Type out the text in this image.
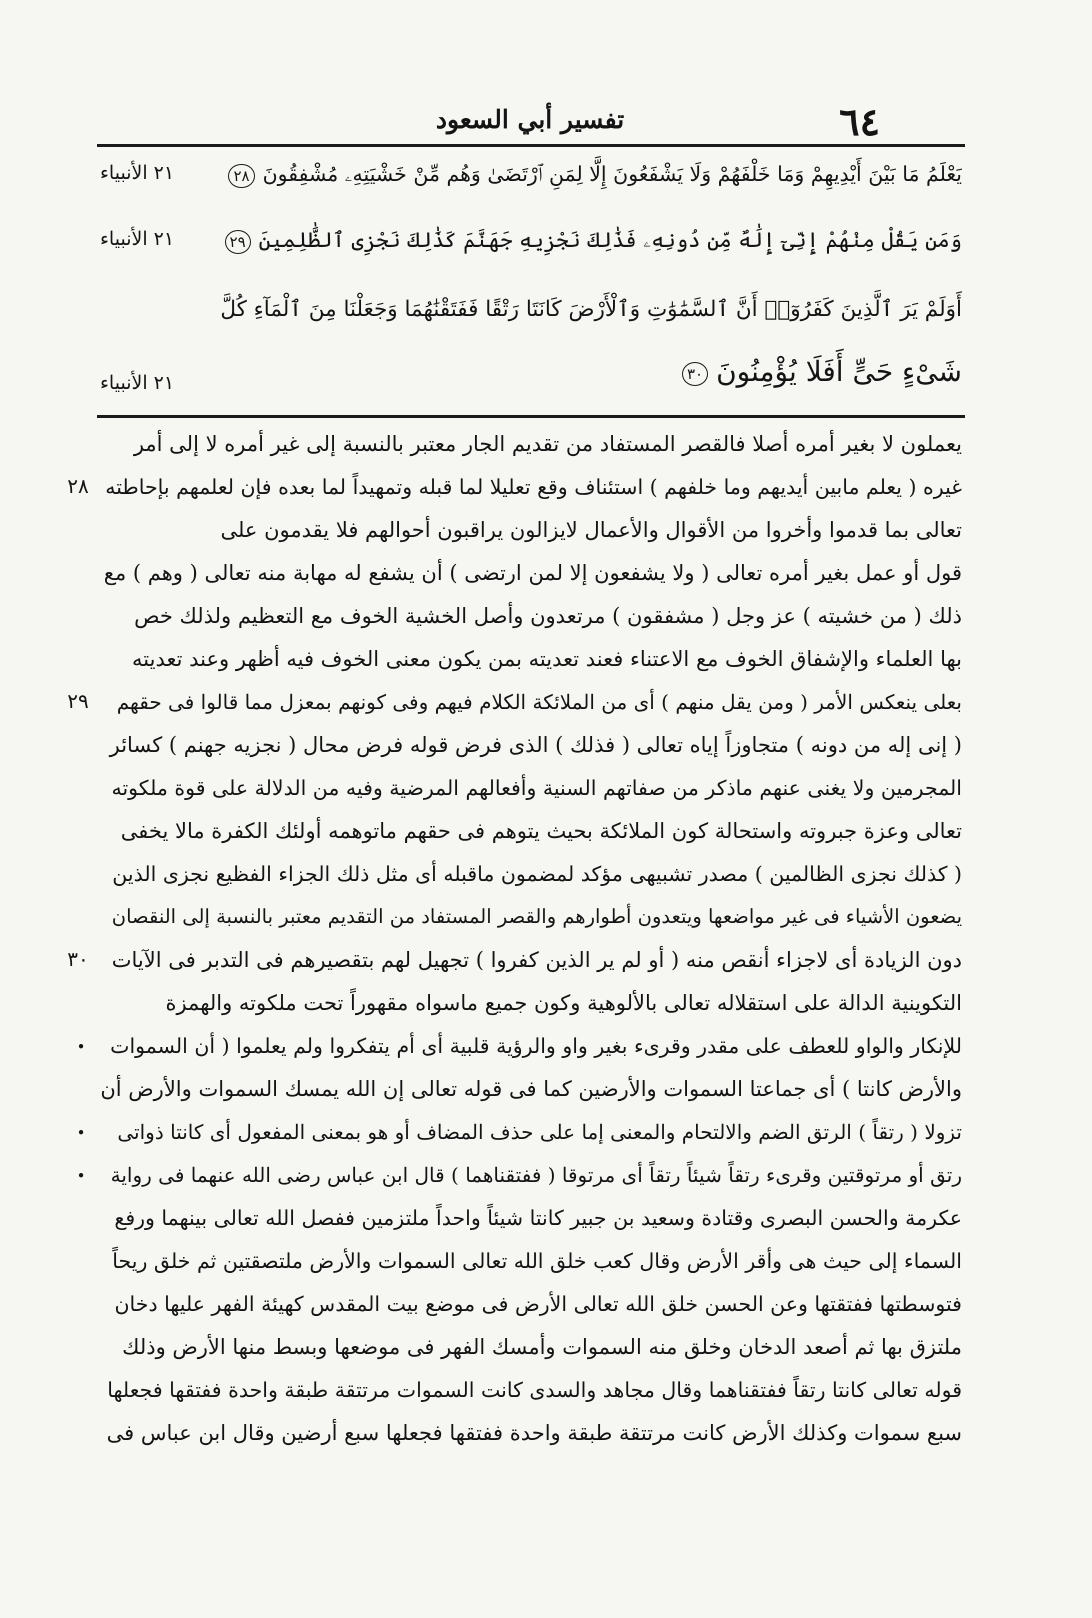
٦٤
تفسير أبي السعود
يَعْلَمُ مَا بَيْنَ أَيْدِيهِمْ وَمَا خَلْفَهُمْ وَلَا يَشْفَعُونَ إِلَّا لِمَنِ ٱرْتَضَىٰ وَهُم مِّنْ خَشْيَتِهِۦ مُشْفِقُونَ٢٨
٢١ الأنبياء
وَمَن يَقُلْ مِنْهُمْ إِنِّىٓ إِلَٰهٌ مِّن دُونِهِۦ فَذَٰلِكَ نَجْزِيهِ جَهَنَّمَ كَذَٰلِكَ نَجْزِى ٱلظَّٰلِمِينَ٢٩
٢١ الأنبياء
أَوَلَمْ يَرَ ٱلَّذِينَ كَفَرُوٓا۟ أَنَّ ٱلسَّمَٰوَٰتِ وَٱلْأَرْضَ كَانَتَا رَتْقًا فَفَتَقْنَٰهُمَا وَجَعَلْنَا مِنَ ٱلْمَآءِ كُلَّ
شَىْءٍ حَىٍّ أَفَلَا يُؤْمِنُونَ٣٠
٢١ الأنبياء
يعملون لا بغير أمره أصلا فالقصر المستفاد من تقديم الجار معتبر بالنسبة إلى غير أمره لا إلى أمر
غيره ( يعلم مابين أيديهم وما خلفهم ) استئناف وقع تعليلا لما قبله وتمهيداً لما بعده فإن لعلمهم بإحاطته
تعالى بما قدموا وأخروا من الأقوال والأعمال لايزالون يراقبون أحوالهم فلا يقدمون على
قول أو عمل بغير أمره تعالى ( ولا يشفعون إلا لمن ارتضى ) أن يشفع له مهابة منه تعالى ( وهم ) مع
ذلك ( من خشيته ) عز وجل ( مشفقون ) مرتعدون وأصل الخشية الخوف مع التعظيم ولذلك خص
بها العلماء والإشفاق الخوف مع الاعتناء فعند تعديته بمن يكون معنى الخوف فيه أظهر وعند تعديته
بعلى ينعكس الأمر ( ومن يقل منهم ) أى من الملائكة الكلام فيهم وفى كونهم بمعزل مما قالوا فى حقهم
( إنى إله من دونه ) متجاوزاً إياه تعالى ( فذلك ) الذى فرض قوله فرض محال ( نجزيه جهنم ) كسائر
المجرمين ولا يغنى عنهم ماذكر من صفاتهم السنية وأفعالهم المرضية وفيه من الدلالة على قوة ملكوته
تعالى وعزة جبروته واستحالة كون الملائكة بحيث يتوهم فى حقهم ماتوهمه أولئك الكفرة مالا يخفى
( كذلك نجزى الظالمين ) مصدر تشبيهى مؤكد لمضمون ماقبله أى مثل ذلك الجزاء الفظيع نجزى الذين
يضعون الأشياء فى غير مواضعها ويتعدون أطوارهم والقصر المستفاد من التقديم معتبر بالنسبة إلى النقصان
دون الزيادة أى لاجزاء أنقص منه ( أو لم ير الذين كفروا ) تجهيل لهم بتقصيرهم فى التدبر فى الآيات
التكوينية الدالة على استقلاله تعالى بالألوهية وكون جميع ماسواه مقهوراً تحت ملكوته والهمزة
للإنكار والواو للعطف على مقدر وقرىء بغير واو والرؤية قلبية أى أم يتفكروا ولم يعلموا ( أن السموات
والأرض كانتا ) أى جماعتا السموات والأرضين كما فى قوله تعالى إن الله يمسك السموات والأرض أن
تزولا ( رتقاً ) الرتق الضم والالتحام والمعنى إما على حذف المضاف أو هو بمعنى المفعول أى كانتا ذواتى
رتق أو مرتوقتين وقرىء رتقاً شيئاً رتقاً أى مرتوقا ( ففتقناهما ) قال ابن عباس رضى الله عنهما فى رواية
عكرمة والحسن البصرى وقتادة وسعيد بن جبير كانتا شيئاً واحداً ملتزمين ففصل الله تعالى بينهما ورفع
السماء إلى حيث هى وأقر الأرض وقال كعب خلق الله تعالى السموات والأرض ملتصقتين ثم خلق ريحاً
فتوسطتها ففتقتها وعن الحسن خلق الله تعالى الأرض فى موضع بيت المقدس كهيئة الفهر عليها دخان
ملتزق بها ثم أصعد الدخان وخلق منه السموات وأمسك الفهر فى موضعها وبسط منها الأرض وذلك
قوله تعالى كانتا رتقاً ففتقناهما وقال مجاهد والسدى كانت السموات مرتتقة طبقة واحدة ففتقها فجعلها
سبع سموات وكذلك الأرض كانت مرتتقة طبقة واحدة ففتقها فجعلها سبع أرضين وقال ابن عباس فى
٢٨
٢٩
٣٠
•
•
•
